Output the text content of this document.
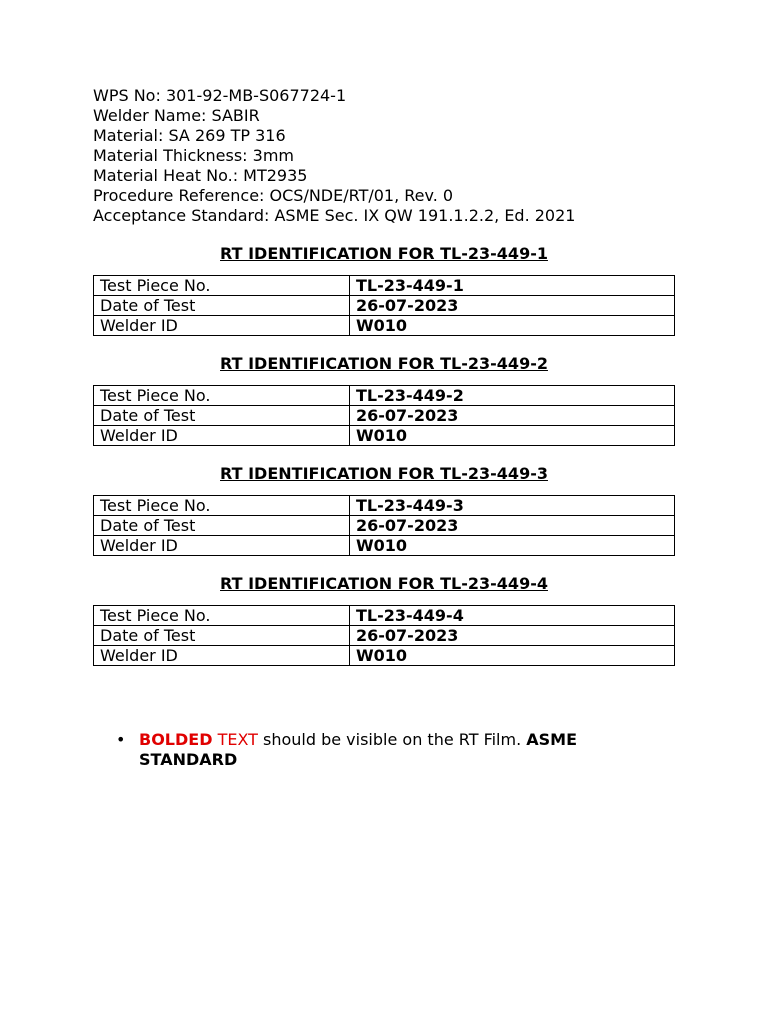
WPS No: 301-92-MB-S067724-1
Welder Name: SABIR
Material: SA 269 TP 316
Material Thickness: 3mm
Material Heat No.: MT2935
Procedure Reference: OCS/NDE/RT/01, Rev. 0
Acceptance Standard: ASME Sec. IX QW 191.1.2.2, Ed. 2021
RT IDENTIFICATION FOR TL-23-449-1
Test Piece No.	TL-23-449-1
Date of Test	26-07-2023
Welder ID	W010
RT IDENTIFICATION FOR TL-23-449-2
Test Piece No.	TL-23-449-2
Date of Test	26-07-2023
Welder ID	W010
RT IDENTIFICATION FOR TL-23-449-3
Test Piece No.	TL-23-449-3
Date of Test	26-07-2023
Welder ID	W010
RT IDENTIFICATION FOR TL-23-449-4
Test Piece No.	TL-23-449-4
Date of Test	26-07-2023
Welder ID	W010
• BOLDED TEXT should be visible on the RT Film. ASME STANDARD
